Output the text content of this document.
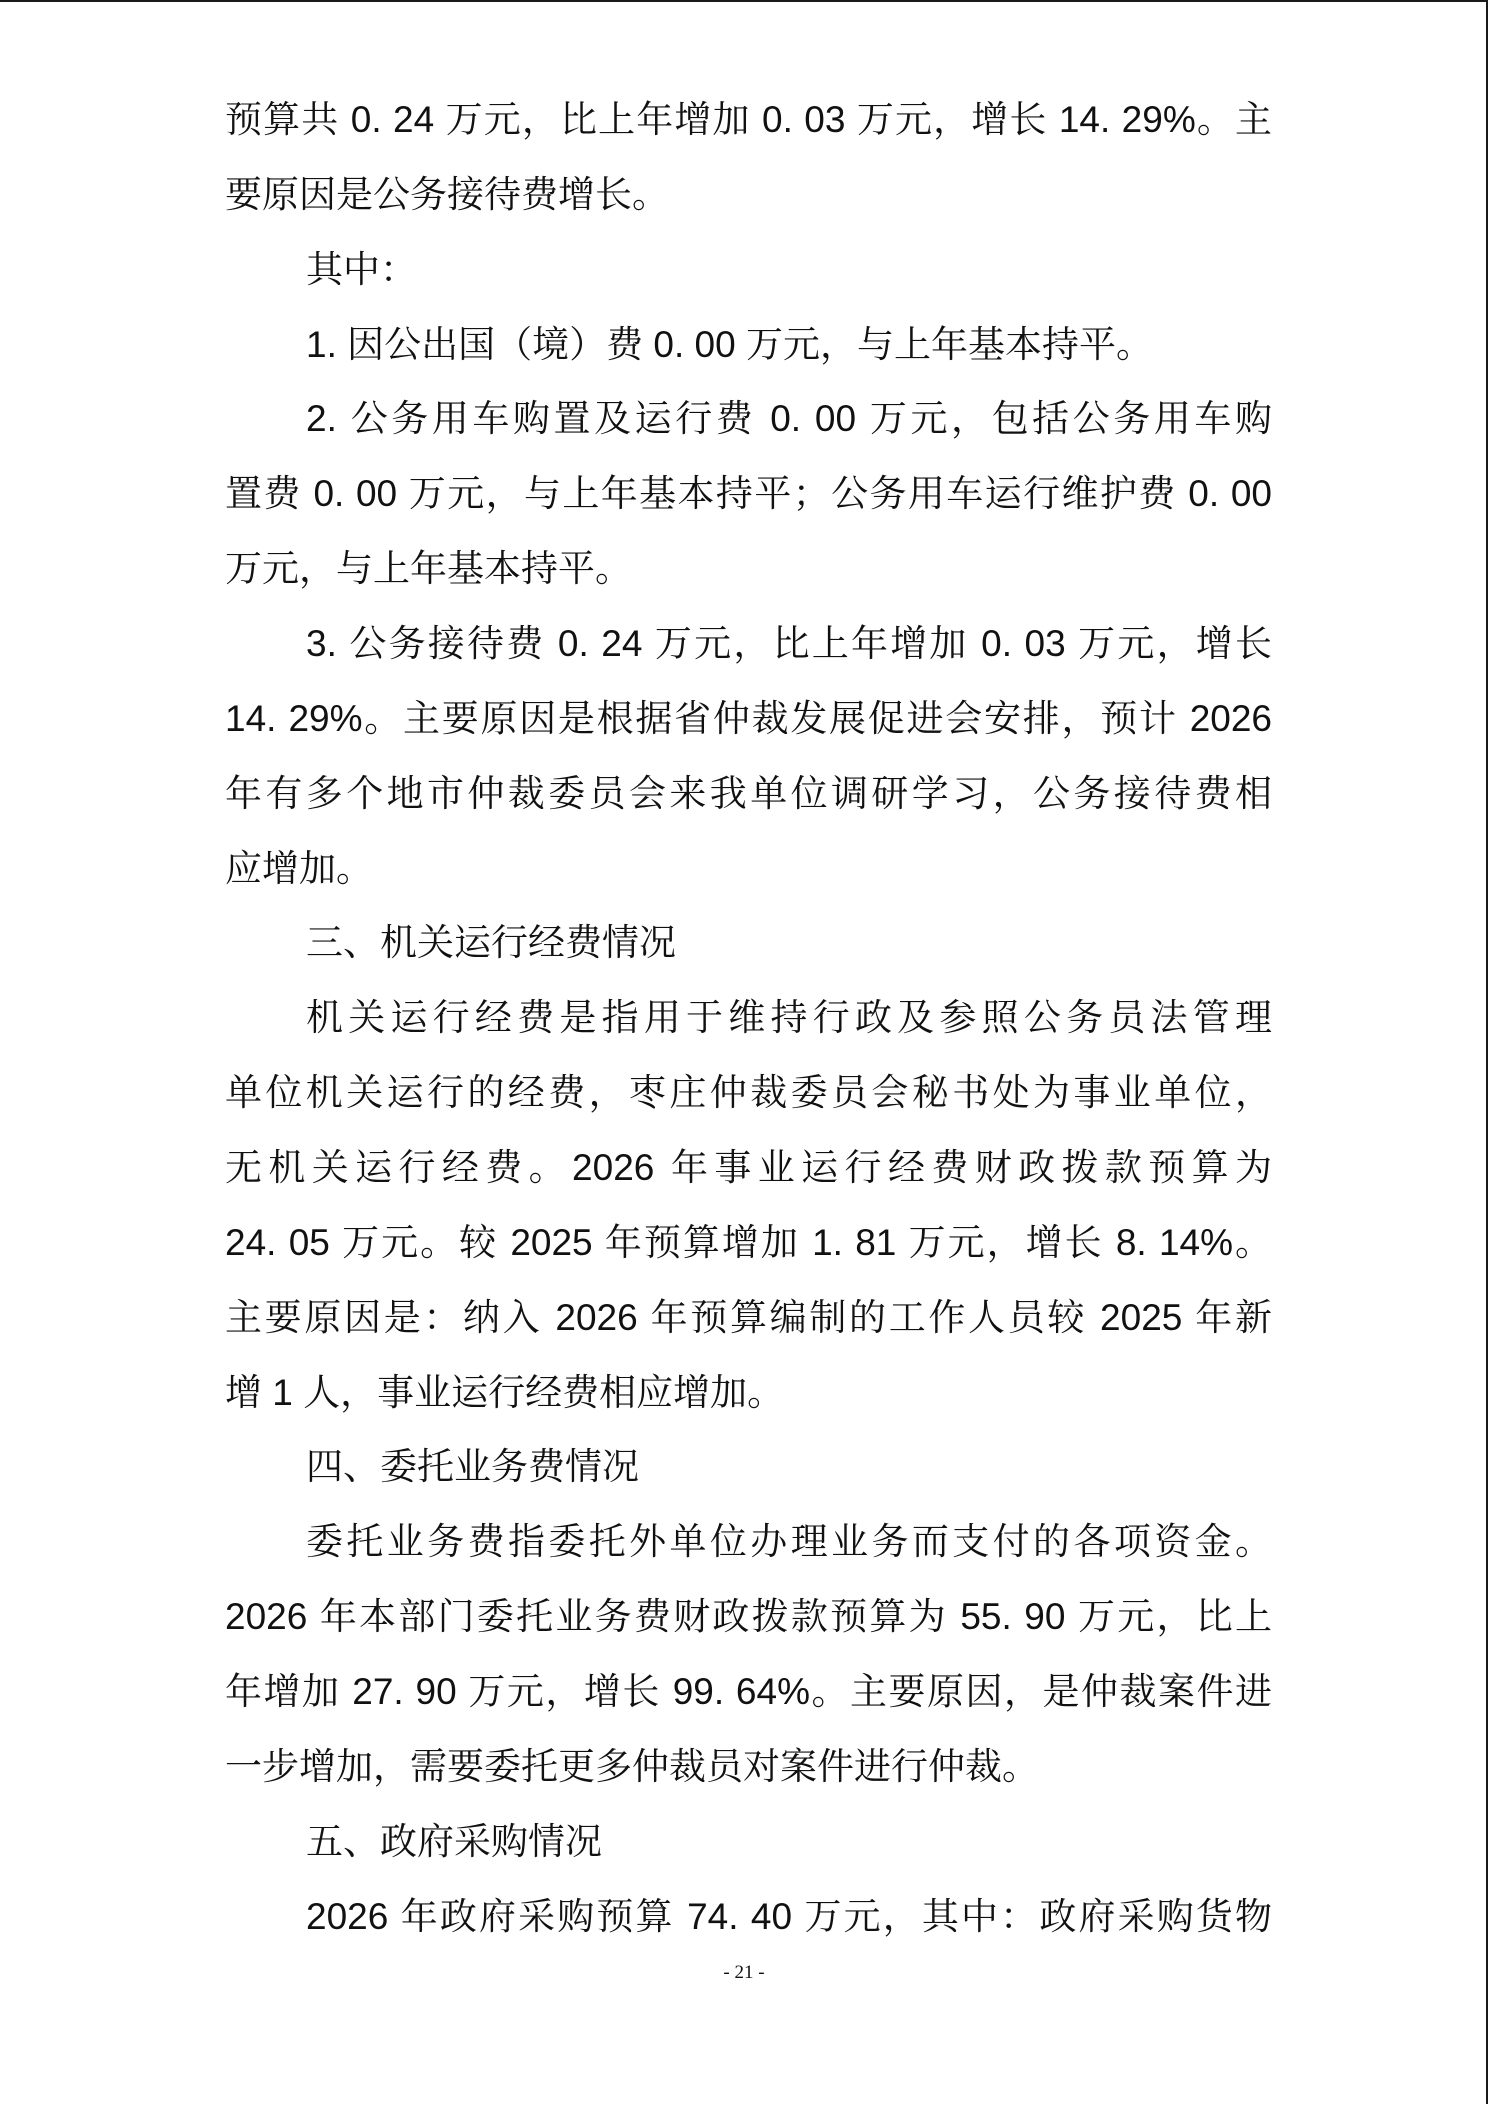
预算共 0. 24 万元，比上年增加 0. 03 万元，增长 14. 29%。主
要原因是公务接待费增长。
其中：
1. 因公出国（境）费 0. 00 万元，与上年基本持平。
2. 公务用车购置及运行费 0. 00 万元，包括公务用车购
置费 0. 00 万元，与上年基本持平；公务用车运行维护费 0. 00
万元，与上年基本持平。
3. 公务接待费 0. 24 万元，比上年增加 0. 03 万元，增长
14. 29%。主要原因是根据省仲裁发展促进会安排，预计 2026
年有多个地市仲裁委员会来我单位调研学习，公务接待费相
应增加。
三、机关运行经费情况
机关运行经费是指用于维持行政及参照公务员法管理
单位机关运行的经费，枣庄仲裁委员会秘书处为事业单位，
无机关运行经费。2026 年事业运行经费财政拨款预算为
24. 05 万元。较 2025 年预算增加 1. 81 万元，增长 8. 14%。
主要原因是：纳入 2026 年预算编制的工作人员较 2025 年新
增 1 人，事业运行经费相应增加。
四、委托业务费情况
委托业务费指委托外单位办理业务而支付的各项资金。
2026 年本部门委托业务费财政拨款预算为 55. 90 万元，比上
年增加 27. 90 万元，增长 99. 64%。主要原因，是仲裁案件进
一步增加，需要委托更多仲裁员对案件进行仲裁。
五、政府采购情况
2026 年政府采购预算 74. 40 万元，其中：政府采购货物
- 21 -
